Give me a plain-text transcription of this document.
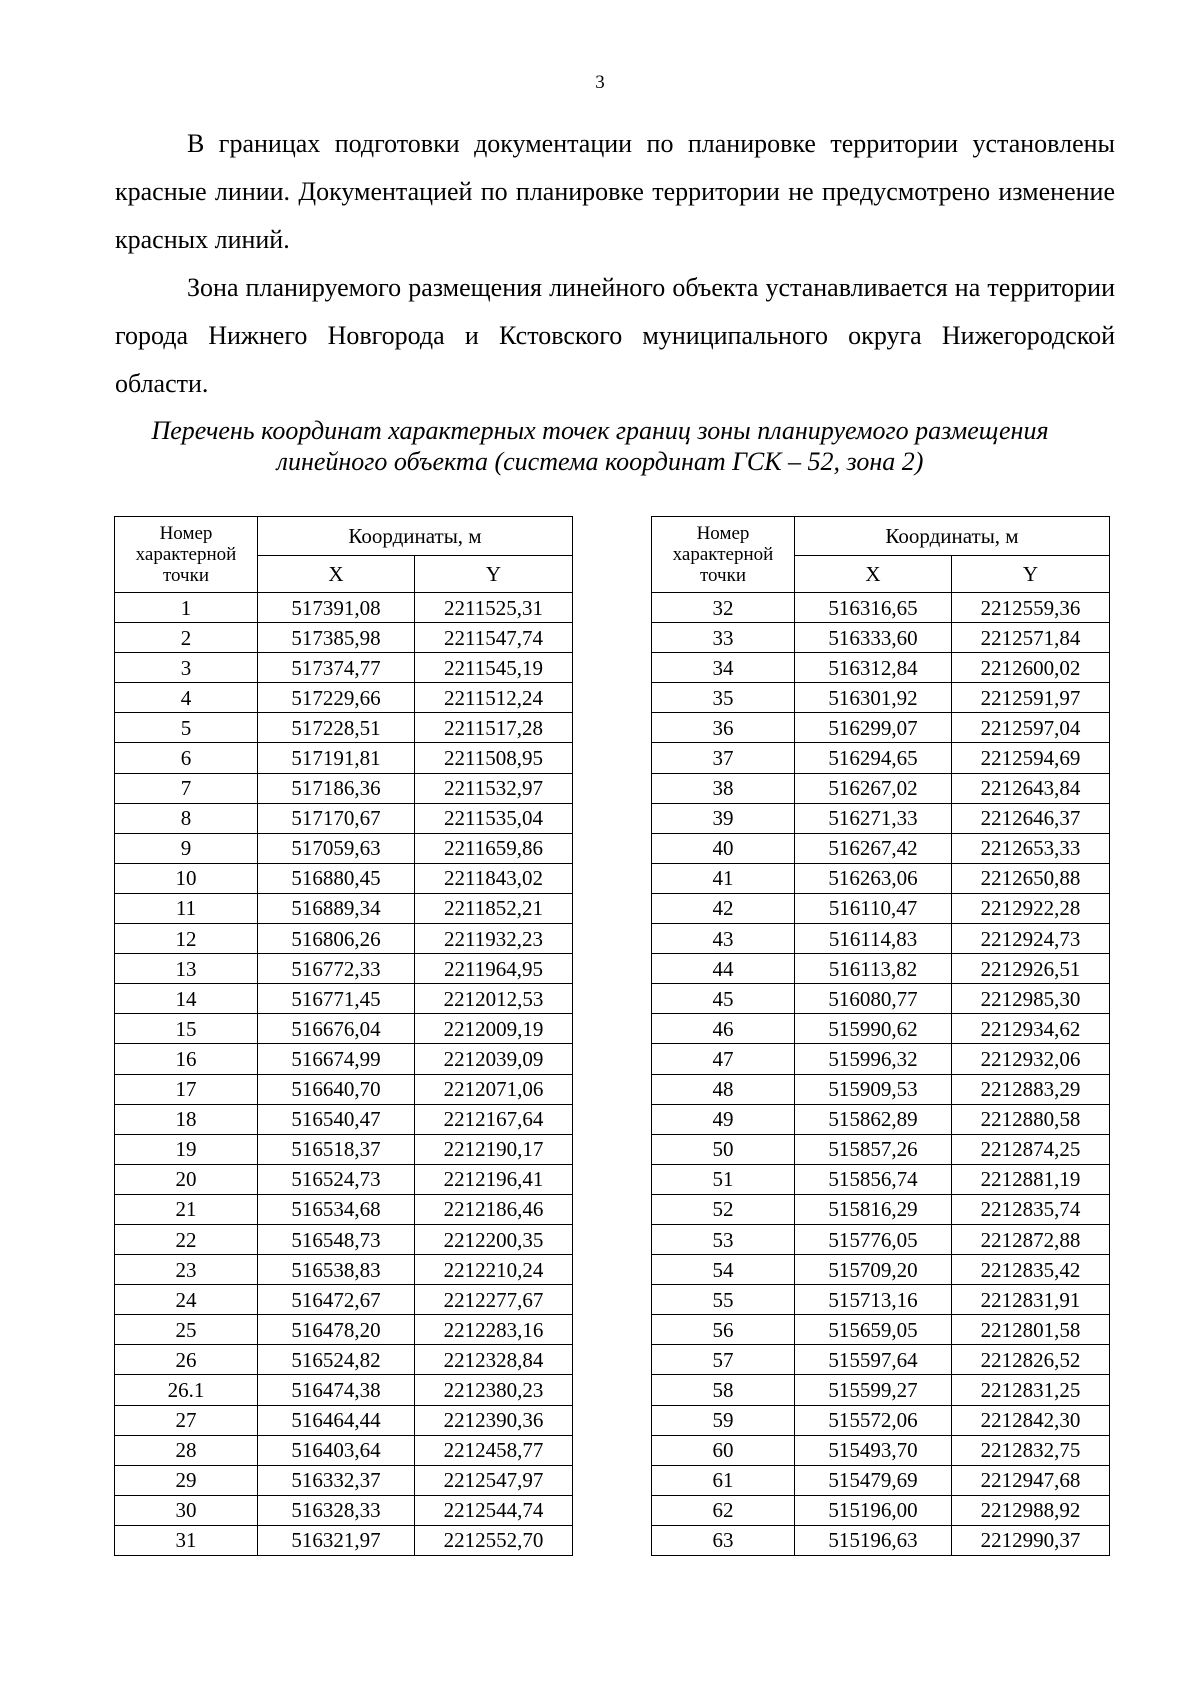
3

В границах подготовки документации по планировке территории установлены красные линии. Документацией по планировке территории не предусмотрено изменение красных линий.

Зона планируемого размещения линейного объекта устанавливается на территории города Нижнего Новгорода и Кстовского муниципального округа Нижегородской области.

Перечень координат характерных точек границ зоны планируемого размещения
линейного объекта (система координат ГСК – 52, зона 2)
Номер характерной точки	Координаты, м	
	X	Y
1	517391,08	2211525,31
2	517385,98	2211547,74
3	517374,77	2211545,19
4	517229,66	2211512,24
5	517228,51	2211517,28
6	517191,81	2211508,95
7	517186,36	2211532,97
8	517170,67	2211535,04
9	517059,63	2211659,86
10	516880,45	2211843,02
11	516889,34	2211852,21
12	516806,26	2211932,23
13	516772,33	2211964,95
14	516771,45	2212012,53
15	516676,04	2212009,19
16	516674,99	2212039,09
17	516640,70	2212071,06
18	516540,47	2212167,64
19	516518,37	2212190,17
20	516524,73	2212196,41
21	516534,68	2212186,46
22	516548,73	2212200,35
23	516538,83	2212210,24
24	516472,67	2212277,67
25	516478,20	2212283,16
26	516524,82	2212328,84
26.1	516474,38	2212380,23
27	516464,44	2212390,36
28	516403,64	2212458,77
29	516332,37	2212547,97
30	516328,33	2212544,74
31	516321,97	2212552,70
Номер характерной точки	Координаты, м	
	X	Y
32	516316,65	2212559,36
33	516333,60	2212571,84
34	516312,84	2212600,02
35	516301,92	2212591,97
36	516299,07	2212597,04
37	516294,65	2212594,69
38	516267,02	2212643,84
39	516271,33	2212646,37
40	516267,42	2212653,33
41	516263,06	2212650,88
42	516110,47	2212922,28
43	516114,83	2212924,73
44	516113,82	2212926,51
45	516080,77	2212985,30
46	515990,62	2212934,62
47	515996,32	2212932,06
48	515909,53	2212883,29
49	515862,89	2212880,58
50	515857,26	2212874,25
51	515856,74	2212881,19
52	515816,29	2212835,74
53	515776,05	2212872,88
54	515709,20	2212835,42
55	515713,16	2212831,91
56	515659,05	2212801,58
57	515597,64	2212826,52
58	515599,27	2212831,25
59	515572,06	2212842,30
60	515493,70	2212832,75
61	515479,69	2212947,68
62	515196,00	2212988,92
63	515196,63	2212990,37
